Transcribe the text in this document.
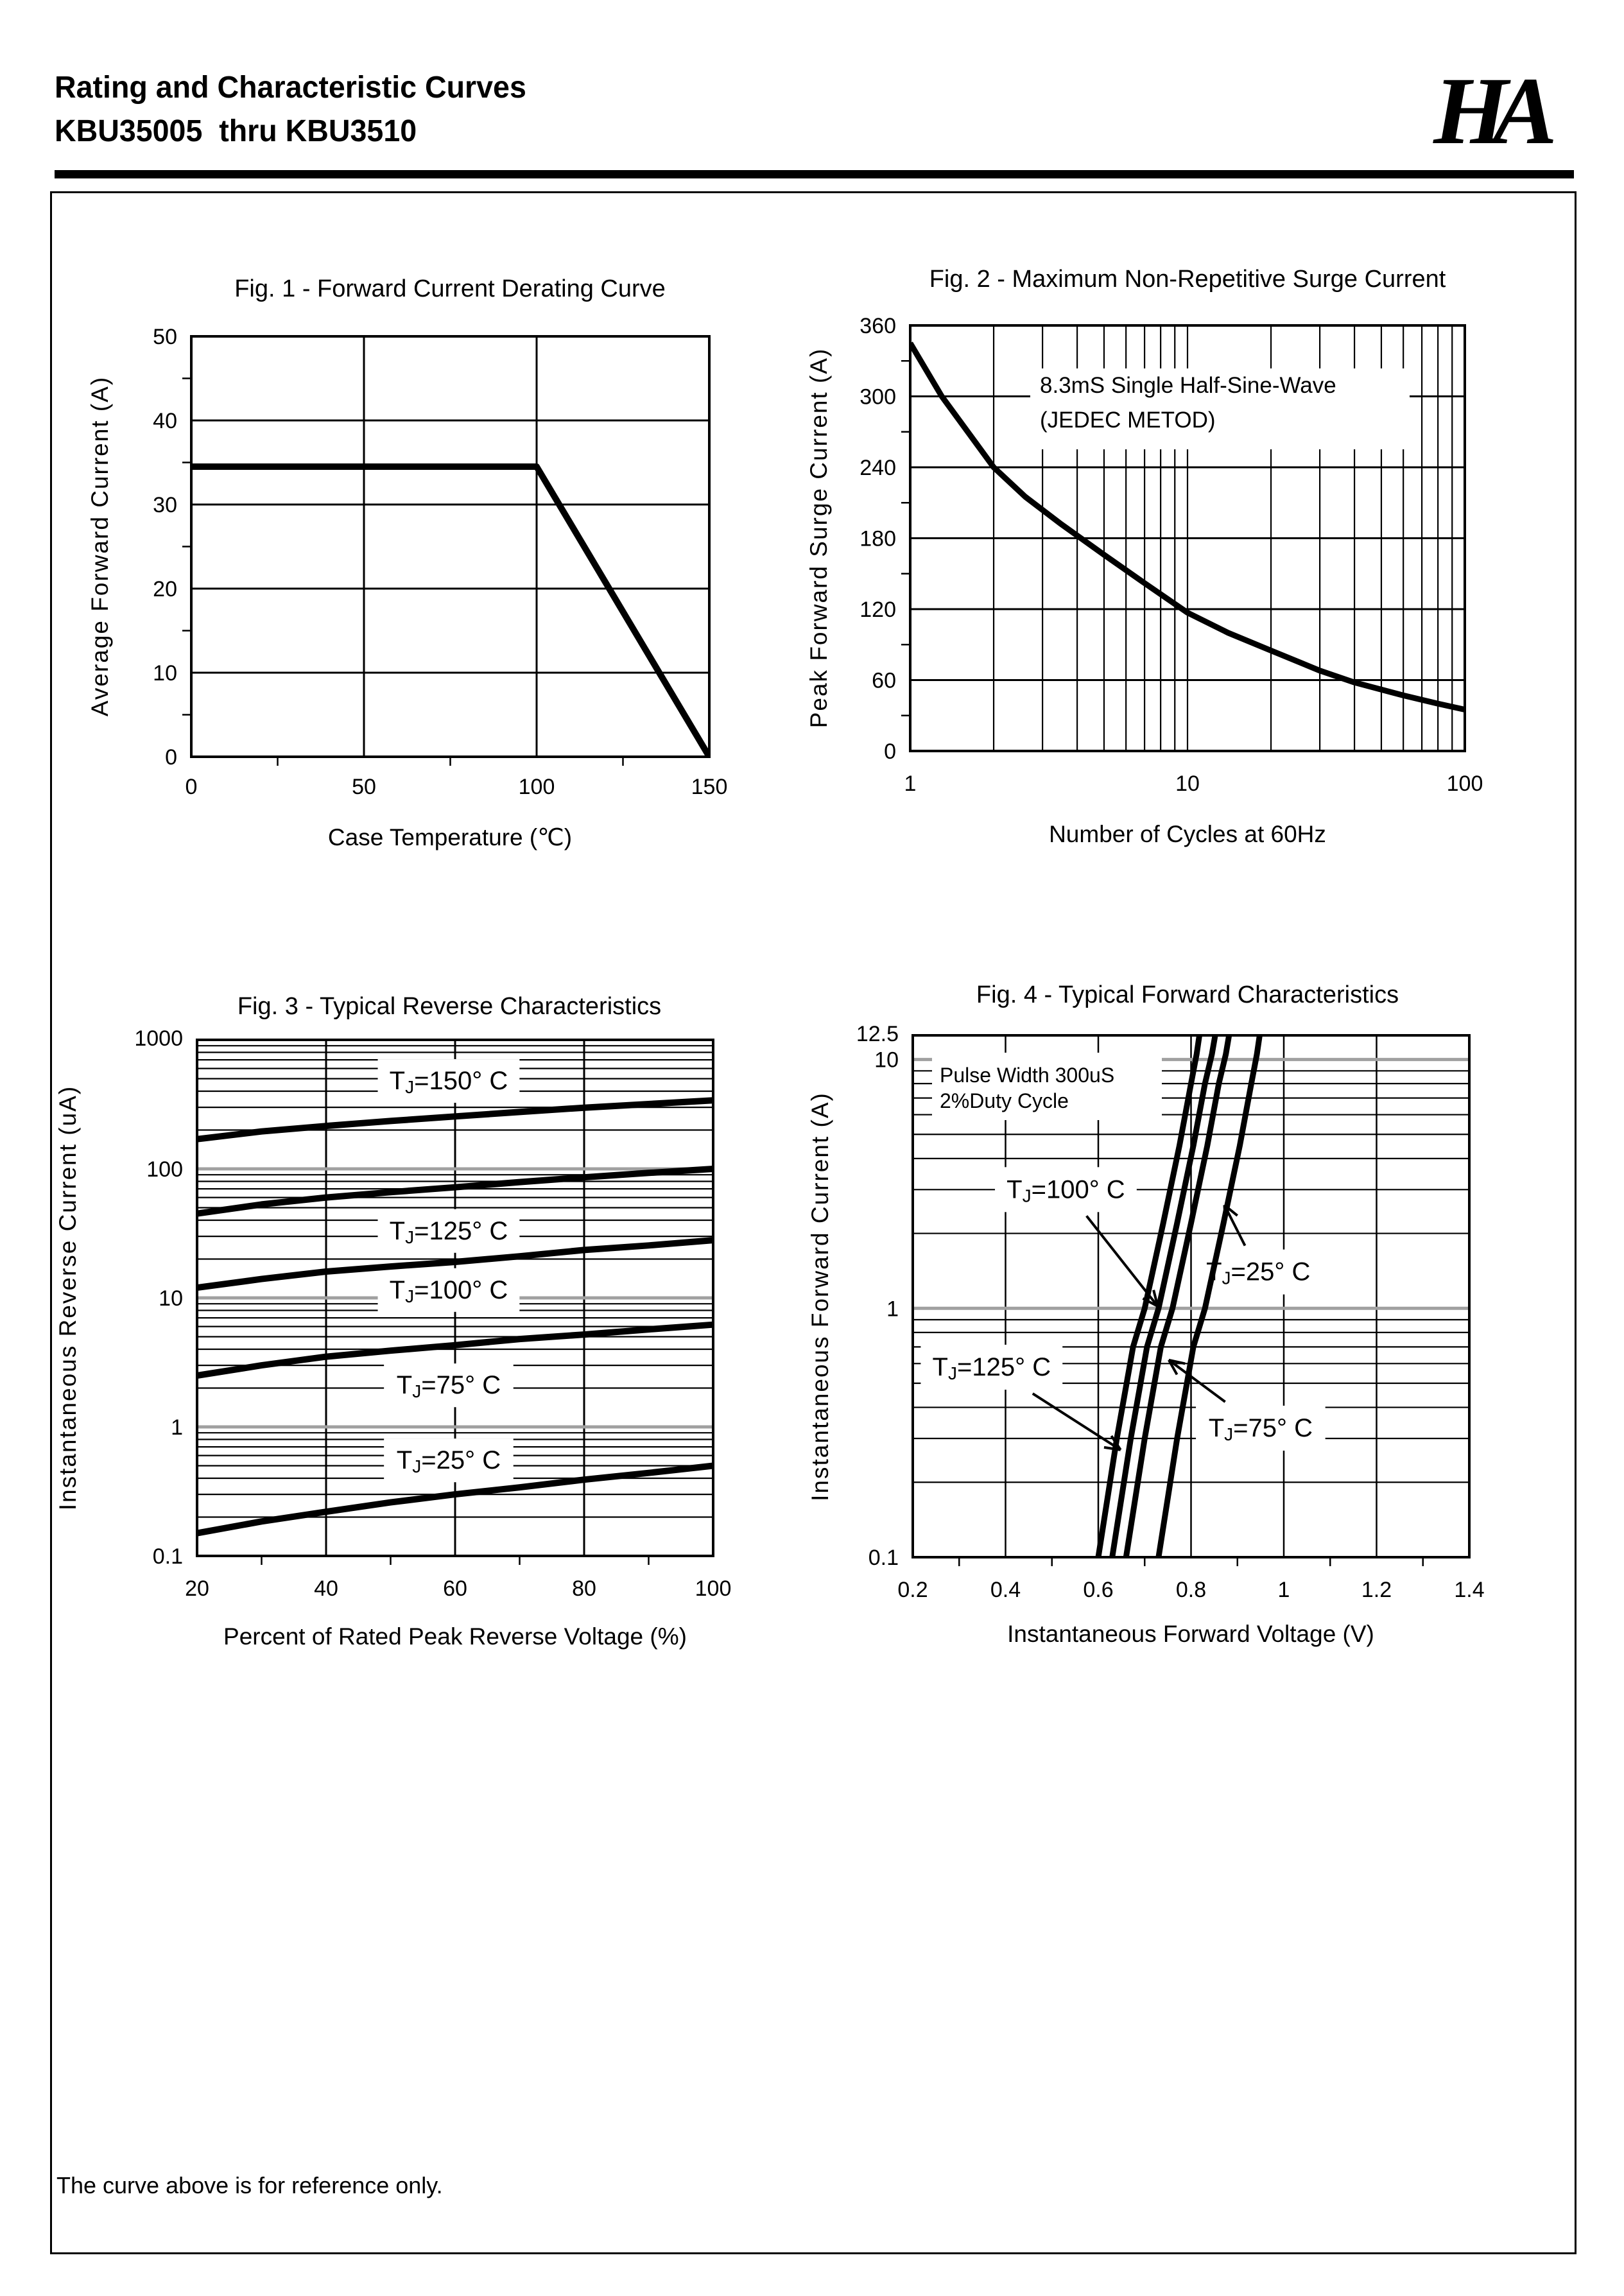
Rating and Characteristic Curves
KBU35005  thru KBU3510	HA
0	50	100	150
0
10
20
30
40
50
Fig. 1 - Forward Current Derating Curve
Case Temperature (℃)
Average Forward Current (A)
1	10	100
0
60
120
180
240
300
360
Fig. 2 - Maximum Non-Repetitive Surge Current
Number of Cycles at 60Hz
Peak Forward Surge Current (A)	8.3mS Single Half-Sine-Wave
(JEDEC METOD)
20	40	60	80	100
1000
100
10
1
0.1
Fig. 3 - Typical Reverse Characteristics
Percent of Rated Peak Reverse Voltage (%)
Instantaneous Reverse Current (uA)
TJ=150° C
TJ=125° C
TJ=100° C
TJ=75° C
TJ=25° C
0.2	0.4	0.6	0.8	1	1.2	1.4
12.5
10
1
0.1
Fig. 4 - Typical Forward Characteristics
Instantaneous Forward Voltage (V)
Instantaneous Forward Current (A)
Pulse Width 300uS
2%Duty Cycle
TJ=125° C
TJ=100° C
TJ=75° C
TJ=25° C
The curve above is for reference only.
